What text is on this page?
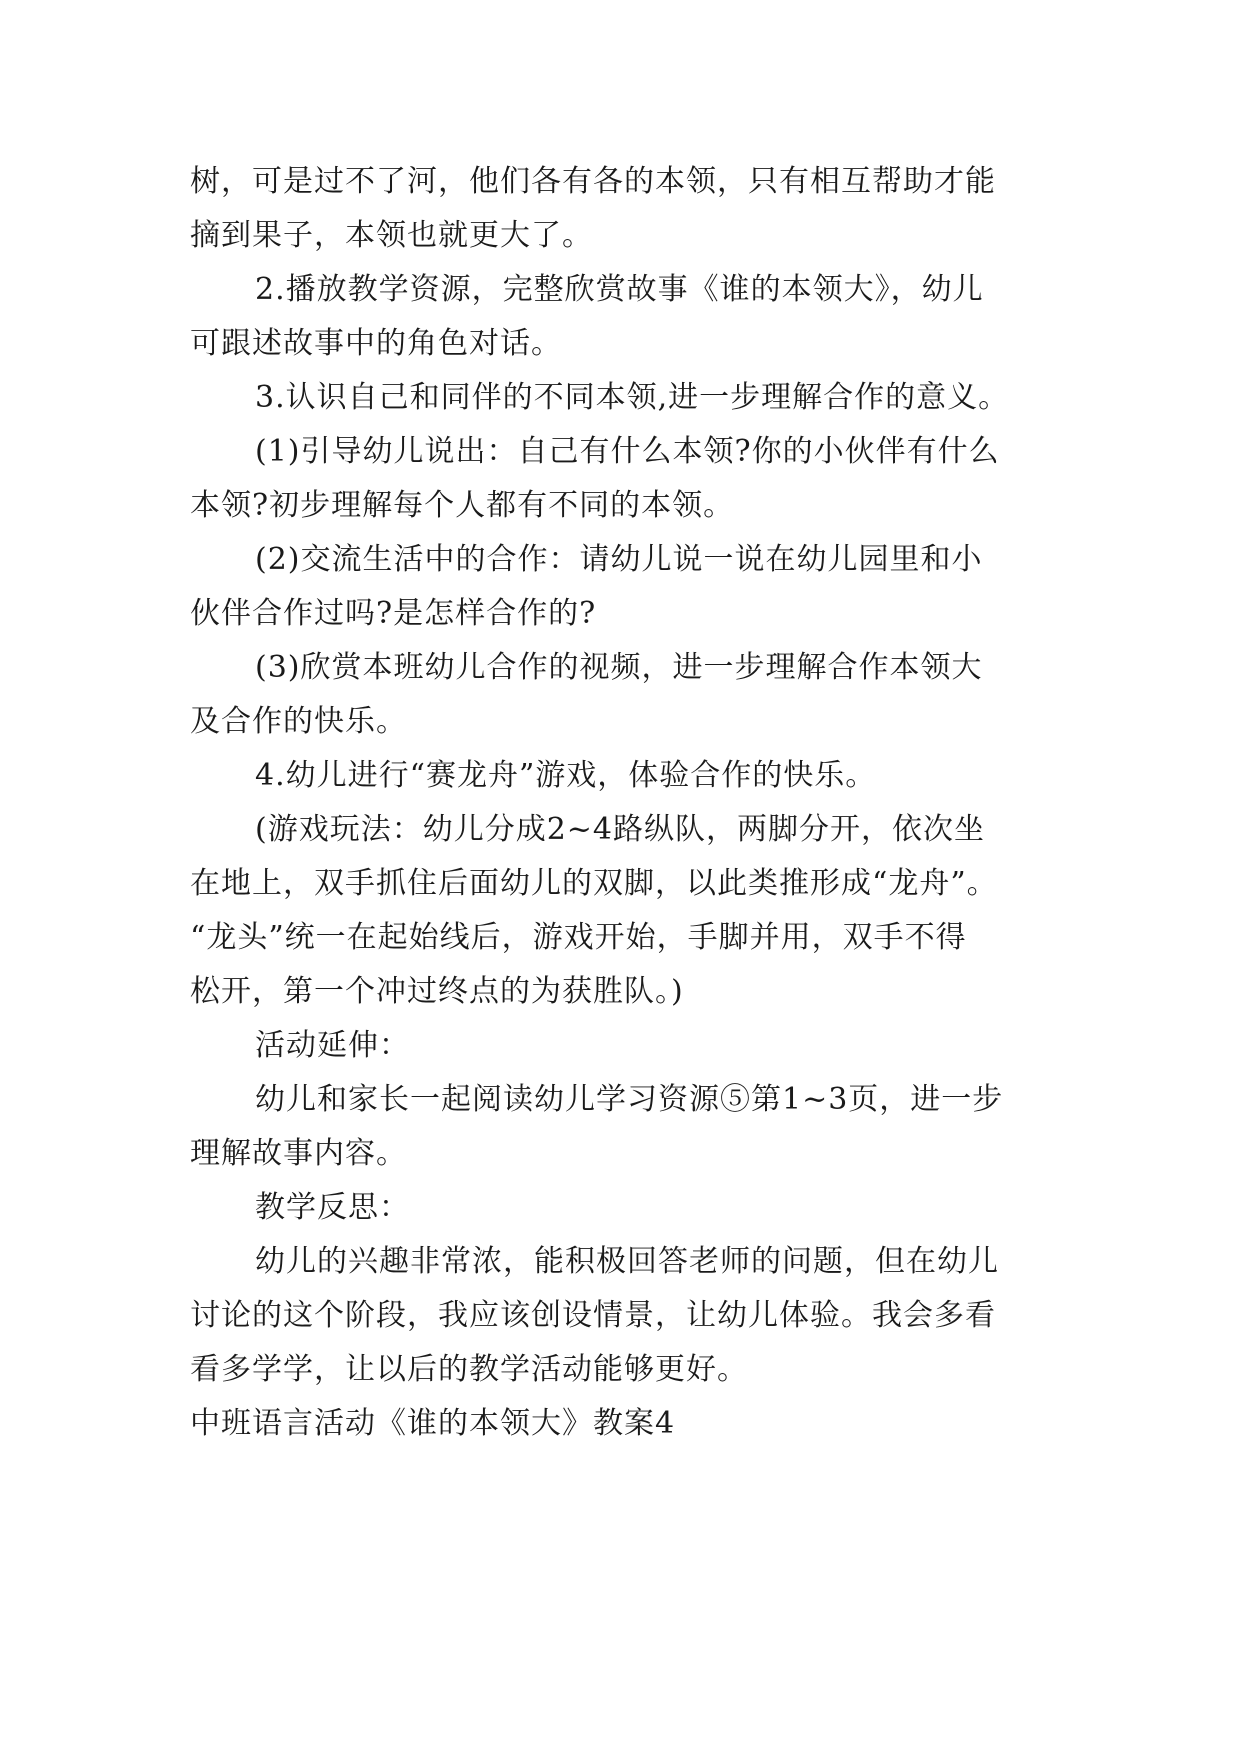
树，可是过不了河，他们各有各的本领，只有相互帮助才能
摘到果子，本领也就更大了。
2.播放教学资源，完整欣赏故事《谁的本领大》，幼儿
可跟述故事中的角色对话。
3.认识自己和同伴的不同本领,进一步理解合作的意义。
(1)引导幼儿说出：自己有什么本领?你的小伙伴有什么
本领?初步理解每个人都有不同的本领。
(2)交流生活中的合作：请幼儿说一说在幼儿园里和小
伙伴合作过吗?是怎样合作的?
(3)欣赏本班幼儿合作的视频，进一步理解合作本领大
及合作的快乐。
4.幼儿进行“赛龙舟”游戏，体验合作的快乐。
(游戏玩法：幼儿分成2~4路纵队，两脚分开，依次坐
在地上，双手抓住后面幼儿的双脚，以此类推形成“龙舟”。
“龙头”统一在起始线后，游戏开始，手脚并用，双手不得
松开，第一个冲过终点的为获胜队。)
活动延伸：
幼儿和家长一起阅读幼儿学习资源⑤第1~3页，进一步
理解故事内容。
教学反思：
幼儿的兴趣非常浓，能积极回答老师的问题，但在幼儿
讨论的这个阶段，我应该创设情景，让幼儿体验。我会多看
看多学学，让以后的教学活动能够更好。
中班语言活动《谁的本领大》教案4
